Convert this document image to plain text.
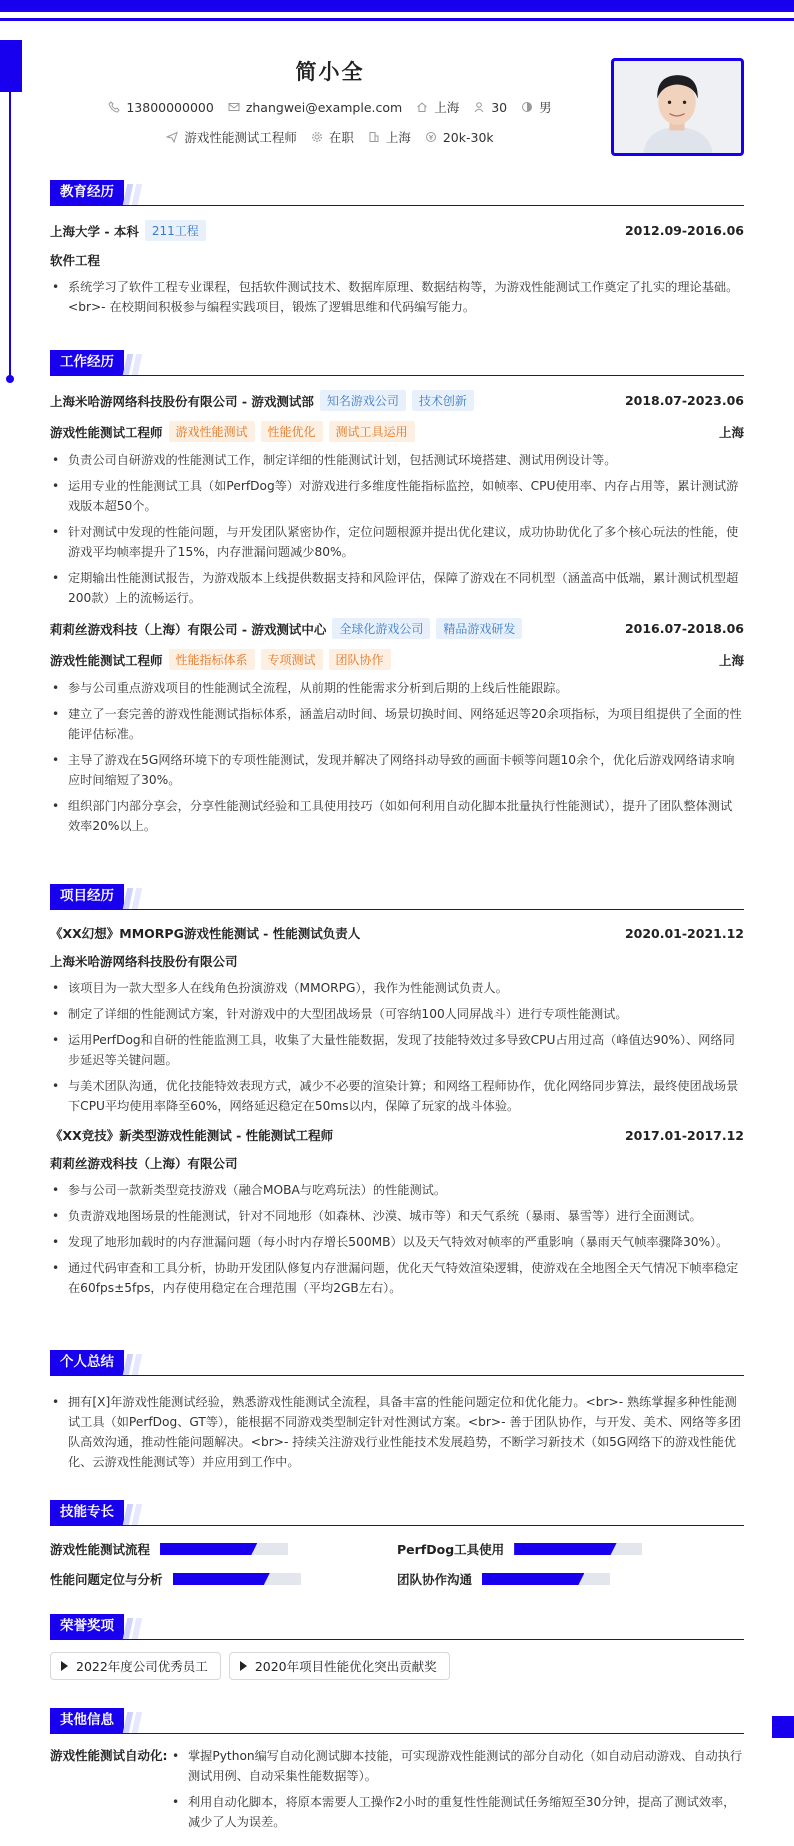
简小全
13800000000	zhangwei@example.com	上海	30	男
游戏性能测试工程师	在职	上海	20k-30k
教育经历
上海大学 - 本科	211工程	2012.09-2016.06
软件工程
• 系统学习了软件工程专业课程，包括软件测试技术、数据库原理、数据结构等，为游戏性能测试工作奠定了扎实的理论基础。<br>- 在校期间积极参与编程实践项目，锻炼了逻辑思维和代码编写能力。
工作经历
上海米哈游网络科技股份有限公司 - 游戏测试部	知名游戏公司	技术创新	2018.07-2023.06
游戏性能测试工程师	游戏性能测试	性能优化	测试工具运用	上海
• 负责公司自研游戏的性能测试工作，制定详细的性能测试计划，包括测试环境搭建、测试用例设计等。
• 运用专业的性能测试工具（如PerfDog等）对游戏进行多维度性能指标监控，如帧率、CPU使用率、内存占用等，累计测试游戏版本超50个。
• 针对测试中发现的性能问题，与开发团队紧密协作，定位问题根源并提出优化建议，成功协助优化了多个核心玩法的性能，使游戏平均帧率提升了15%，内存泄漏问题减少80%。
• 定期输出性能测试报告，为游戏版本上线提供数据支持和风险评估，保障了游戏在不同机型（涵盖高中低端，累计测试机型超200款）上的流畅运行。
莉莉丝游戏科技（上海）有限公司 - 游戏测试中心	全球化游戏公司	精品游戏研发	2016.07-2018.06
游戏性能测试工程师	性能指标体系	专项测试	团队协作	上海
• 参与公司重点游戏项目的性能测试全流程，从前期的性能需求分析到后期的上线后性能跟踪。
• 建立了一套完善的游戏性能测试指标体系，涵盖启动时间、场景切换时间、网络延迟等20余项指标，为项目组提供了全面的性能评估标准。
• 主导了游戏在5G网络环境下的专项性能测试，发现并解决了网络抖动导致的画面卡顿等问题10余个，优化后游戏网络请求响应时间缩短了30%。
• 组织部门内部分享会，分享性能测试经验和工具使用技巧（如如何利用自动化脚本批量执行性能测试），提升了团队整体测试效率20%以上。
项目经历
《XX幻想》MMORPG游戏性能测试 - 性能测试负责人	2020.01-2021.12
上海米哈游网络科技股份有限公司
• 该项目为一款大型多人在线角色扮演游戏（MMORPG），我作为性能测试负责人。
• 制定了详细的性能测试方案，针对游戏中的大型团战场景（可容纳100人同屏战斗）进行专项性能测试。
• 运用PerfDog和自研的性能监测工具，收集了大量性能数据，发现了技能特效过多导致CPU占用过高（峰值达90%）、网络同步延迟等关键问题。
• 与美术团队沟通，优化技能特效表现方式，减少不必要的渲染计算；和网络工程师协作，优化网络同步算法，最终使团战场景下CPU平均使用率降至60%，网络延迟稳定在50ms以内，保障了玩家的战斗体验。
《XX竞技》新类型游戏性能测试 - 性能测试工程师	2017.01-2017.12
莉莉丝游戏科技（上海）有限公司
• 参与公司一款新类型竞技游戏（融合MOBA与吃鸡玩法）的性能测试。
• 负责游戏地图场景的性能测试，针对不同地形（如森林、沙漠、城市等）和天气系统（暴雨、暴雪等）进行全面测试。
• 发现了地形加载时的内存泄漏问题（每小时内存增长500MB）以及天气特效对帧率的严重影响（暴雨天气帧率骤降30%）。
• 通过代码审查和工具分析，协助开发团队修复内存泄漏问题，优化天气特效渲染逻辑，使游戏在全地图全天气情况下帧率稳定在60fps±5fps，内存使用稳定在合理范围（平均2GB左右）。
个人总结
• 拥有[X]年游戏性能测试经验，熟悉游戏性能测试全流程，具备丰富的性能问题定位和优化能力。<br>- 熟练掌握多种性能测试工具（如PerfDog、GT等），能根据不同游戏类型制定针对性测试方案。<br>- 善于团队协作，与开发、美术、网络等多团队高效沟通，推动性能问题解决。<br>- 持续关注游戏行业性能技术发展趋势，不断学习新技术（如5G网络下的游戏性能优化、云游戏性能测试等）并应用到工作中。
技能专长
游戏性能测试流程	PerfDog工具使用
性能问题定位与分析	团队协作沟通
荣誉奖项
2022年度公司优秀员工	2020年项目性能优化突出贡献奖
其他信息
游戏性能测试自动化:
•	掌握Python编写自动化测试脚本技能，可实现游戏性能测试的部分自动化（如自动启动游戏、自动执行测试用例、自动采集性能数据等）。
• 利用自动化脚本，将原本需要人工操作2小时的重复性性能测试任务缩短至30分钟，提高了测试效率，减少了人为误差。
